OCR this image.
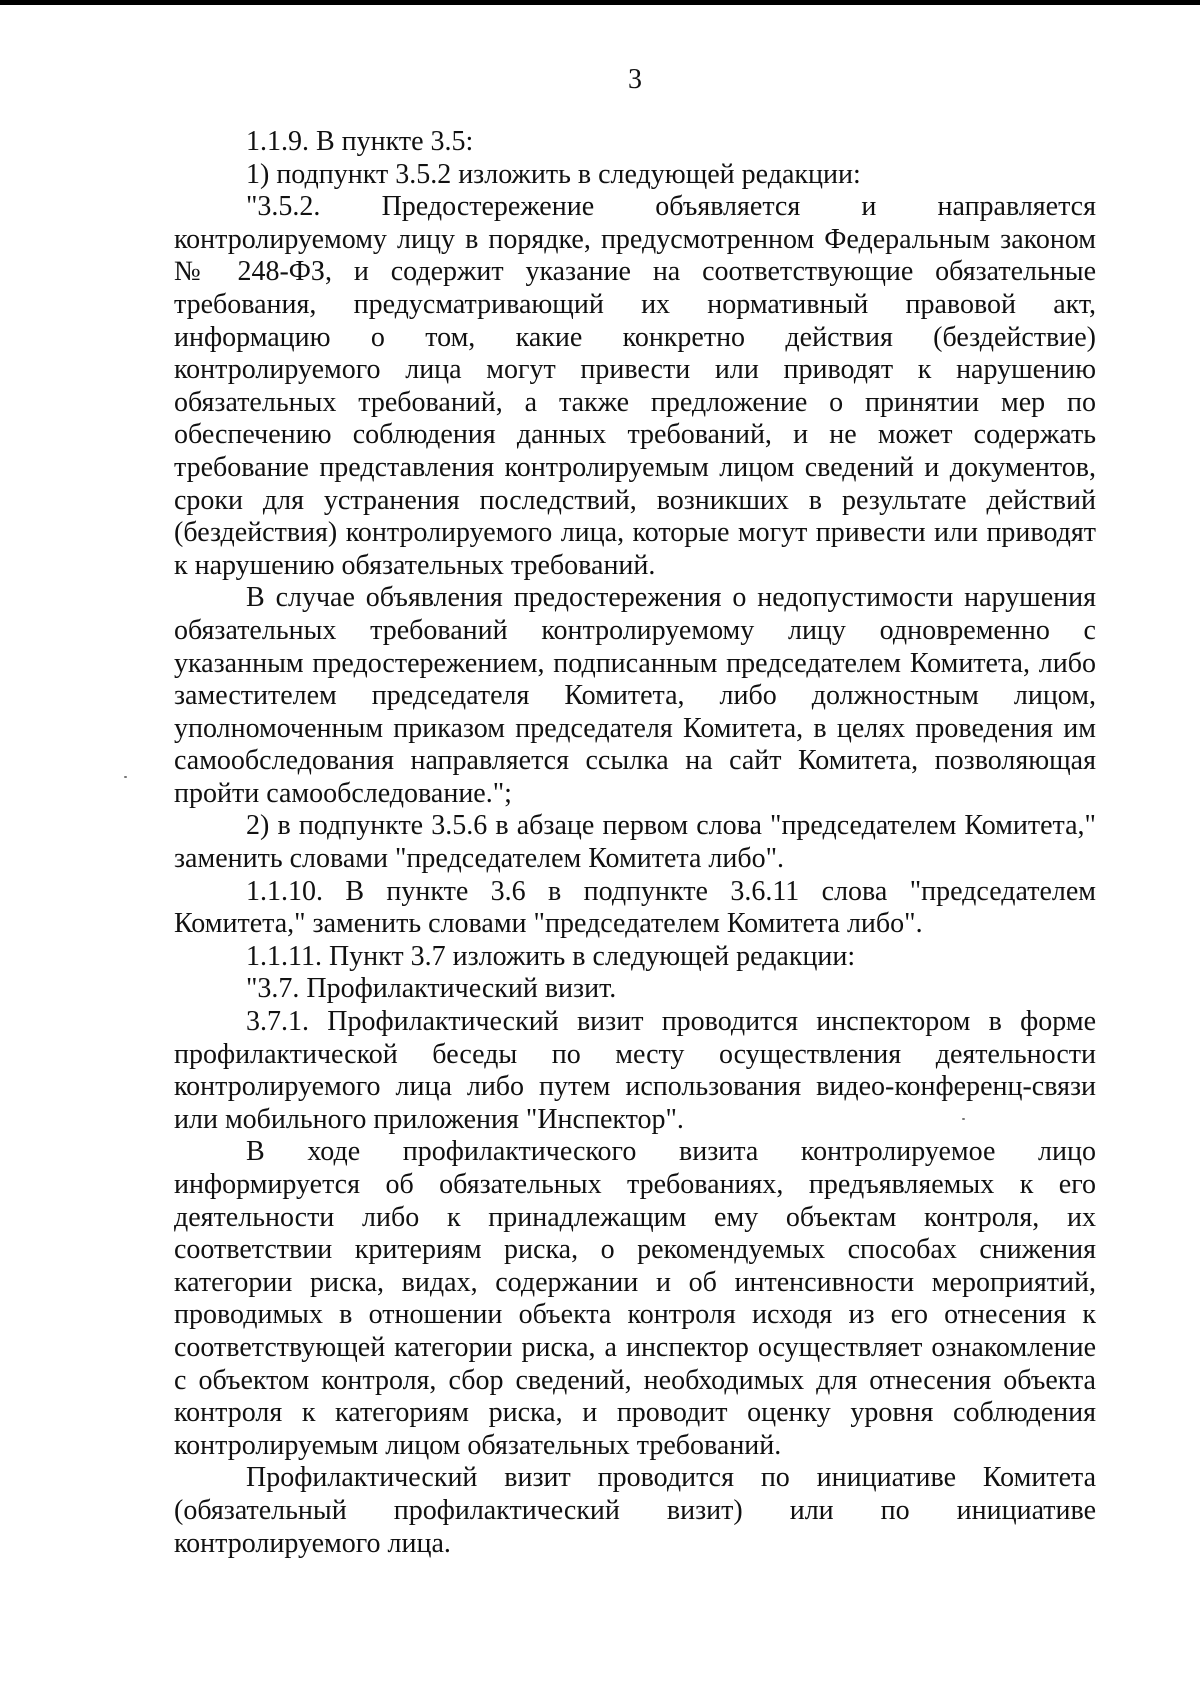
3

1.1.9. В пункте 3.5:

1) подпункт 3.5.2 изложить в следующей редакции:

"3.5.2. Предостережение объявляется и направляется контролируемому лицу в порядке, предусмотренном Федеральным законом № 248-ФЗ, и содержит указание на соответствующие обязательные требования, предусматривающий их нормативный правовой акт, информацию о том, какие конкретно действия (бездействие) контролируемого лица могут привести или приводят к нарушению обязательных требований, а также предложение о принятии мер по обеспечению соблюдения данных требований, и не может содержать требование представления контролируемым лицом сведений и документов, сроки для устранения последствий, возникших в результате действий (бездействия) контролируемого лица, которые могут привести или приводят к нарушению обязательных требований.

В случае объявления предостережения о недопустимости нарушения обязательных требований контролируемому лицу одновременно с указанным предостережением, подписанным председателем Комитета, либо заместителем председателя Комитета, либо должностным лицом, уполномоченным приказом председателя Комитета, в целях проведения им самообследования направляется ссылка на сайт Комитета, позволяющая пройти самообследование.";

2) в подпункте 3.5.6 в абзаце первом слова "председателем Комитета," заменить словами "председателем Комитета либо".

1.1.10. В пункте 3.6 в подпункте 3.6.11 слова "председателем Комитета," заменить словами "председателем Комитета либо".

1.1.11. Пункт 3.7 изложить в следующей редакции:

"3.7. Профилактический визит.

3.7.1. Профилактический визит проводится инспектором в форме профилактической беседы по месту осуществления деятельности контролируемого лица либо путем использования видео-конференц-связи или мобильного приложения "Инспектор".

В ходе профилактического визита контролируемое лицо информируется об обязательных требованиях, предъявляемых к его деятельности либо к принадлежащим ему объектам контроля, их соответствии критериям риска, о рекомендуемых способах снижения категории риска, видах, содержании и об интенсивности мероприятий, проводимых в отношении объекта контроля исходя из его отнесения к соответствующей категории риска, а инспектор осуществляет ознакомление с объектом контроля, сбор сведений, необходимых для отнесения объекта контроля к категориям риска, и проводит оценку уровня соблюдения контролируемым лицом обязательных требований.

Профилактический визит проводится по инициативе Комитета (обязательный профилактический визит) или по инициативе контролируемого лица.
